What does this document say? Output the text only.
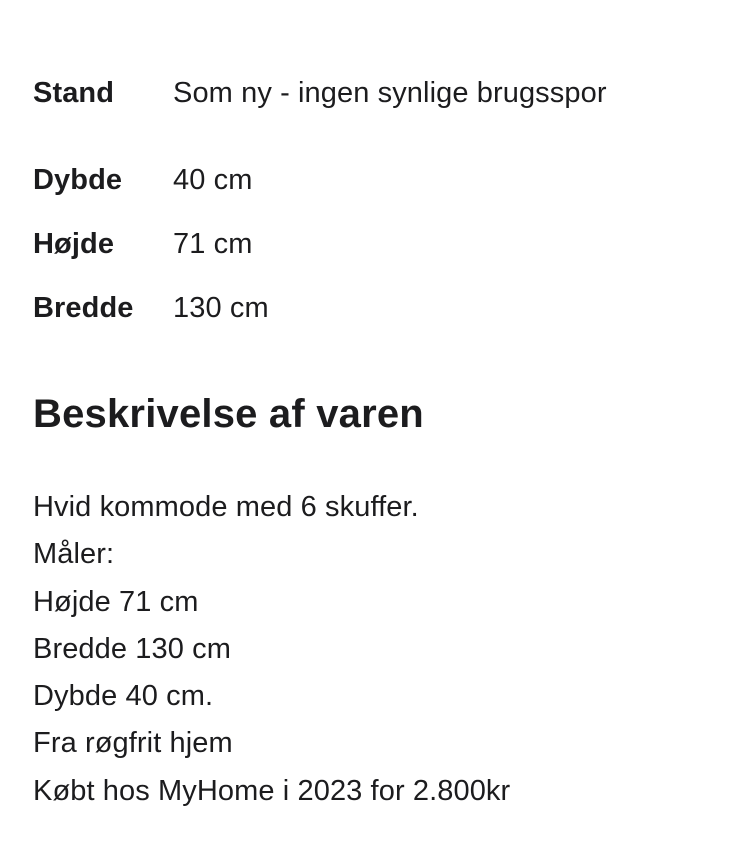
Stand	Som ny - ingen synlige brugsspor
Dybde	40 cm
Højde	71 cm
Bredde	130 cm
Beskrivelse af varen
Hvid kommode med 6 skuffer.
Måler:
Højde 71 cm
Bredde 130 cm
Dybde 40 cm.
Fra røgfrit hjem
Købt hos MyHome i 2023 for 2.800kr
